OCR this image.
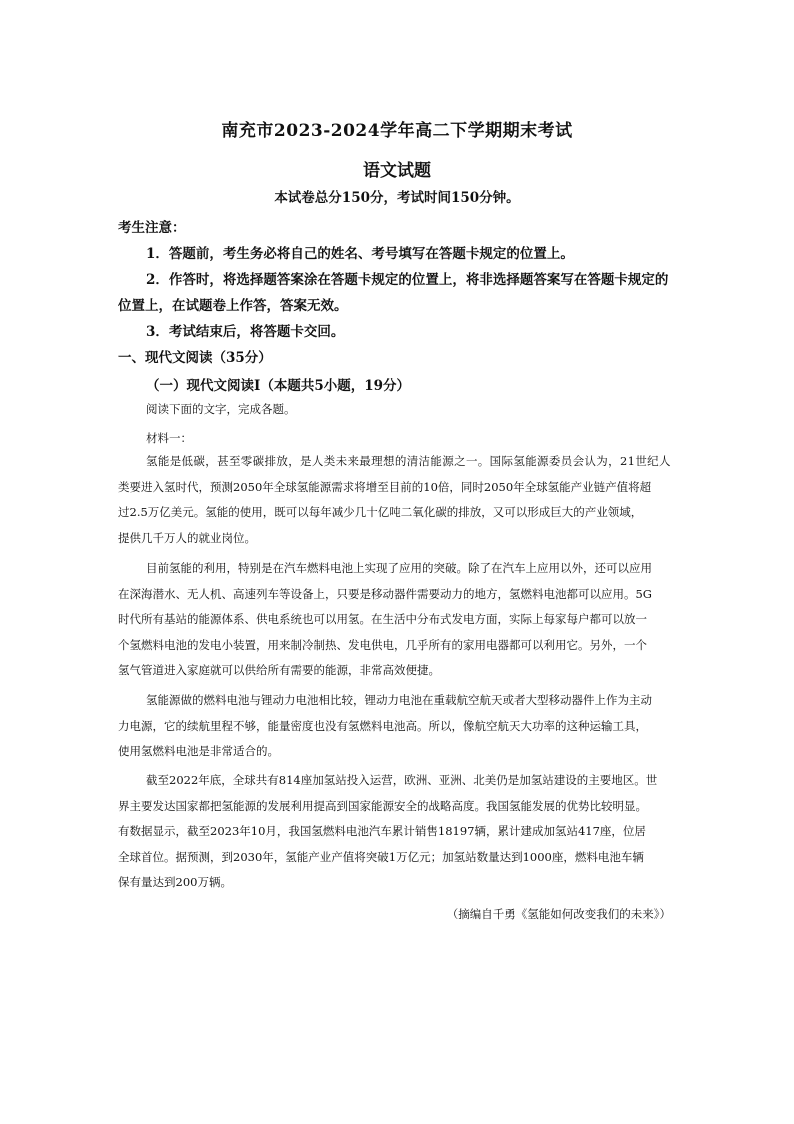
南充市2023-2024学年高二下学期期末考试
语文试题
本试卷总分150分，考试时间150分钟。
考生注意：
1．答题前，考生务必将自己的姓名、考号填写在答题卡规定的位置上。
2．作答时，将选择题答案涂在答题卡规定的位置上，将非选择题答案写在答题卡规定的
位置上，在试题卷上作答，答案无效。
3．考试结束后，将答题卡交回。
一、现代文阅读（35分）
（一）现代文阅读Ⅰ（本题共5小题，19分）
阅读下面的文字，完成各题。
材料一：
氢能是低碳，甚至零碳排放，是人类未来最理想的清洁能源之一。国际氢能源委员会认为，21世纪人
类要进入氢时代，预测2050年全球氢能源需求将增至目前的10倍，同时2050年全球氢能产业链产值将超
过2.5万亿美元。氢能的使用，既可以每年减少几十亿吨二氧化碳的排放，又可以形成巨大的产业领域，
提供几千万人的就业岗位。
目前氢能的利用，特别是在汽车燃料电池上实现了应用的突破。除了在汽车上应用以外，还可以应用
在深海潜水、无人机、高速列车等设备上，只要是移动器件需要动力的地方，氢燃料电池都可以应用。5G
时代所有基站的能源体系、供电系统也可以用氢。在生活中分布式发电方面，实际上每家每户都可以放一
个氢燃料电池的发电小装置，用来制冷制热、发电供电，几乎所有的家用电器都可以利用它。另外，一个
氢气管道进入家庭就可以供给所有需要的能源，非常高效便捷。
氢能源做的燃料电池与锂动力电池相比较，锂动力电池在重载航空航天或者大型移动器件上作为主动
力电源，它的续航里程不够，能量密度也没有氢燃料电池高。所以，像航空航天大功率的这种运输工具，
使用氢燃料电池是非常适合的。
截至2022年底，全球共有814座加氢站投入运营，欧洲、亚洲、北美仍是加氢站建设的主要地区。世
界主要发达国家都把氢能源的发展利用提高到国家能源安全的战略高度。我国氢能发展的优势比较明显。
有数据显示，截至2023年10月，我国氢燃料电池汽车累计销售18197辆，累计建成加氢站417座，位居
全球首位。据预测，到2030年，氢能产业产值将突破1万亿元；加氢站数量达到1000座，燃料电池车辆
保有量达到200万辆。
（摘编自千勇《氢能如何改变我们的未来》）
